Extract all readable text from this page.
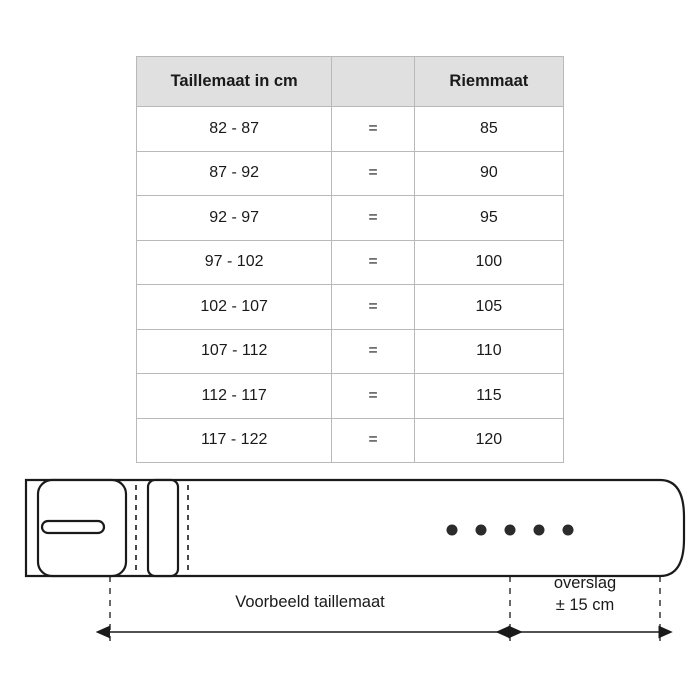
Taillemaat in cm		Riemmaat
82 - 87	=	85
87 - 92	=	90
92 - 97	=	95
97 - 102	=	100
102 - 107	=	105
107 - 112	=	110
112 - 117	=	115
117 - 122	=	120
Voorbeeld taillemaat
overslag
± 15 cm
